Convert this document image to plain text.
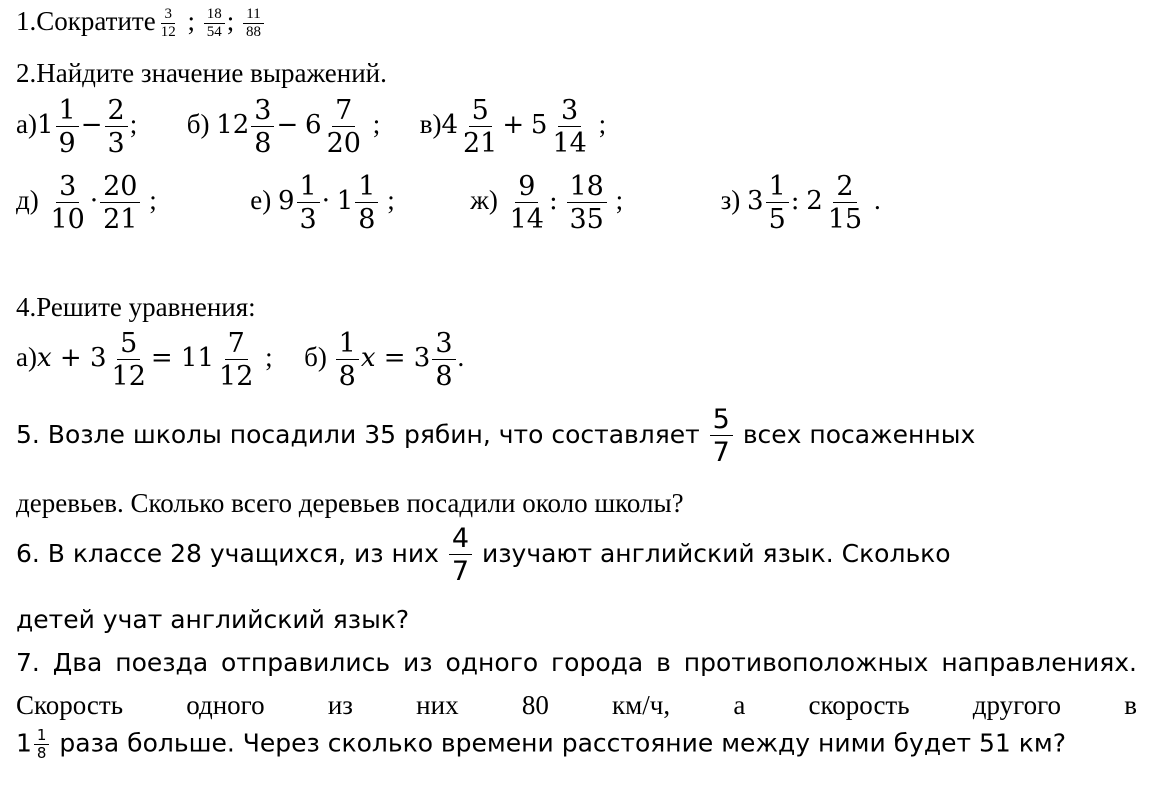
1.Сократите $\frac{3}{12}$ ; $\frac{18}{54}$ ; $\frac{11}{88}$
2.Найдите значение выражений.
$а)1 \frac{1}{9} - \frac{2}{3}$ ; б) $12 \frac{3}{8} - 6 \frac{7}{20}$ ; $в)4 \frac{5}{21} + 5 \frac{3}{14}$ ;
$д) \frac{3}{10} \cdot \frac{20}{21}$ ;	е) $9 \frac{1}{3} \cdot 1 \frac{1}{8}$ ;	$ж) \frac{9}{14}$ : $\frac{18}{35}$ ;	з) $3 \frac{1}{5}$ : $2 \frac{2}{15}$ .
4.Решите уравнения:
а)𝑥 + $3 \frac{5}{12} = 11 \frac{7}{12}$ ; $б) \frac{1}{8}$ 𝑥 = $3 \frac{3}{8}$ .
5. Возле школы посадили 35 рябин, что составляет $\frac{5}{7}$ всех посаженных
деревьев. Сколько всего деревьев посадили около школы?
6. В классе 28 учащихся, из них $\frac{4}{7}$ изучают английский язык. Сколько
детей учат английский язык?
7. Два поезда отправились из одного города в противоположных направлениях.
Скорость одного из них 80 км/ч, а скорость другого в
$1 \frac{1}{8}$ раза больше. Через сколько времени расстояние между ними будет 51 км?
